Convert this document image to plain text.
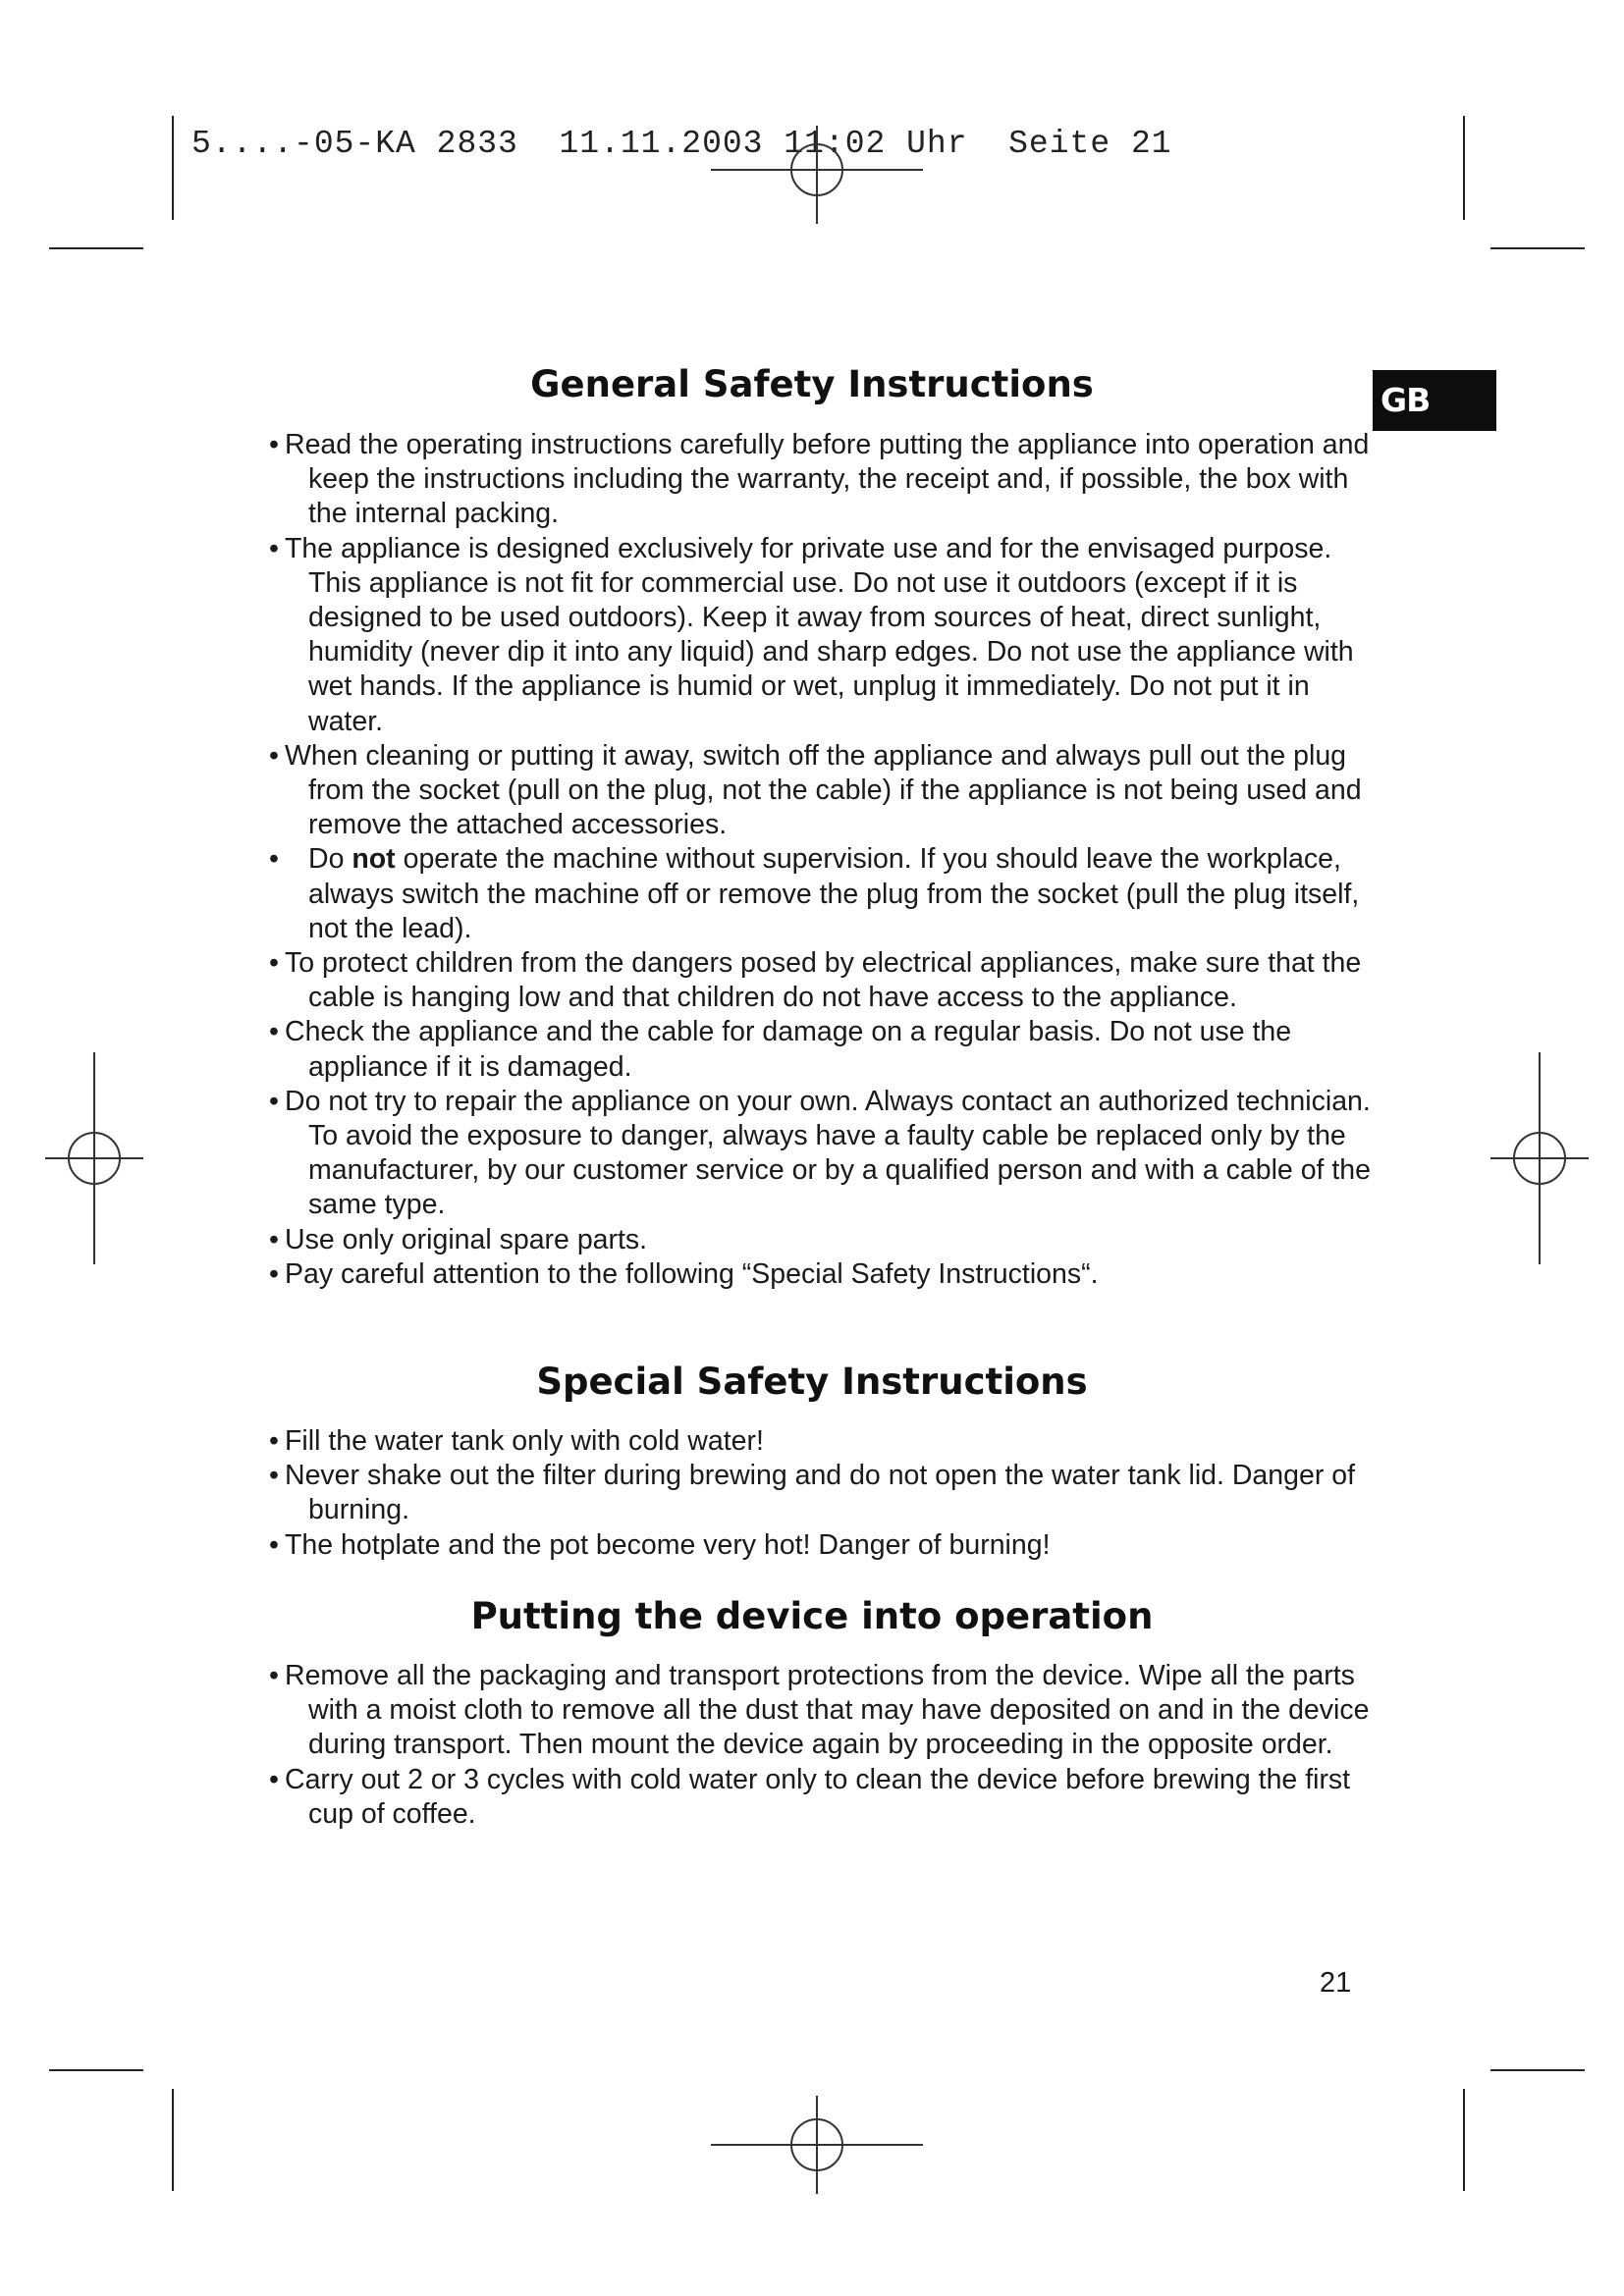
5....-05-KA 2833  11.11.2003 11:02 Uhr  Seite 21
GB
General Safety Instructions
• Read the operating instructions carefully before putting the appliance into operation and keep the instructions including the warranty, the receipt and, if possible, the box with the internal packing.
• The appliance is designed exclusively for private use and for the envisaged purpose. This appliance is not fit for commercial use. Do not use it outdoors (except if it is designed to be used outdoors). Keep it away from sources of heat, direct sunlight, humidity (never dip it into any liquid) and sharp edges. Do not use the appliance with wet hands. If the appliance is humid or wet, unplug it immediately. Do not put it in water.
• When cleaning or putting it away, switch off the appliance and always pull out the plug from the socket (pull on the plug, not the cable) if the appliance is not being used and remove the attached accessories.
• Do not operate the machine without supervision. If you should leave the workplace, always switch the machine off or remove the plug from the socket (pull the plug itself, not the lead).
• To protect children from the dangers posed by electrical appliances, make sure that the cable is hanging low and that children do not have access to the appliance.
• Check the appliance and the cable for damage on a regular basis. Do not use the appliance if it is damaged.
• Do not try to repair the appliance on your own. Always contact an authorized technician. To avoid the exposure to danger, always have a faulty cable be replaced only by the manufacturer, by our customer service or by a qualified person and with a cable of the same type.
• Use only original spare parts.
• Pay careful attention to the following “Special Safety Instructions“.
Special Safety Instructions
• Fill the water tank only with cold water!
• Never shake out the filter during brewing and do not open the water tank lid. Danger of burning.
• The hotplate and the pot become very hot! Danger of burning!
Putting the device into operation
• Remove all the packaging and transport protections from the device. Wipe all the parts with a moist cloth to remove all the dust that may have deposited on and in the device during transport. Then mount the device again by proceeding in the opposite order.
• Carry out 2 or 3 cycles with cold water only to clean the device before brewing the first cup of coffee.
21
